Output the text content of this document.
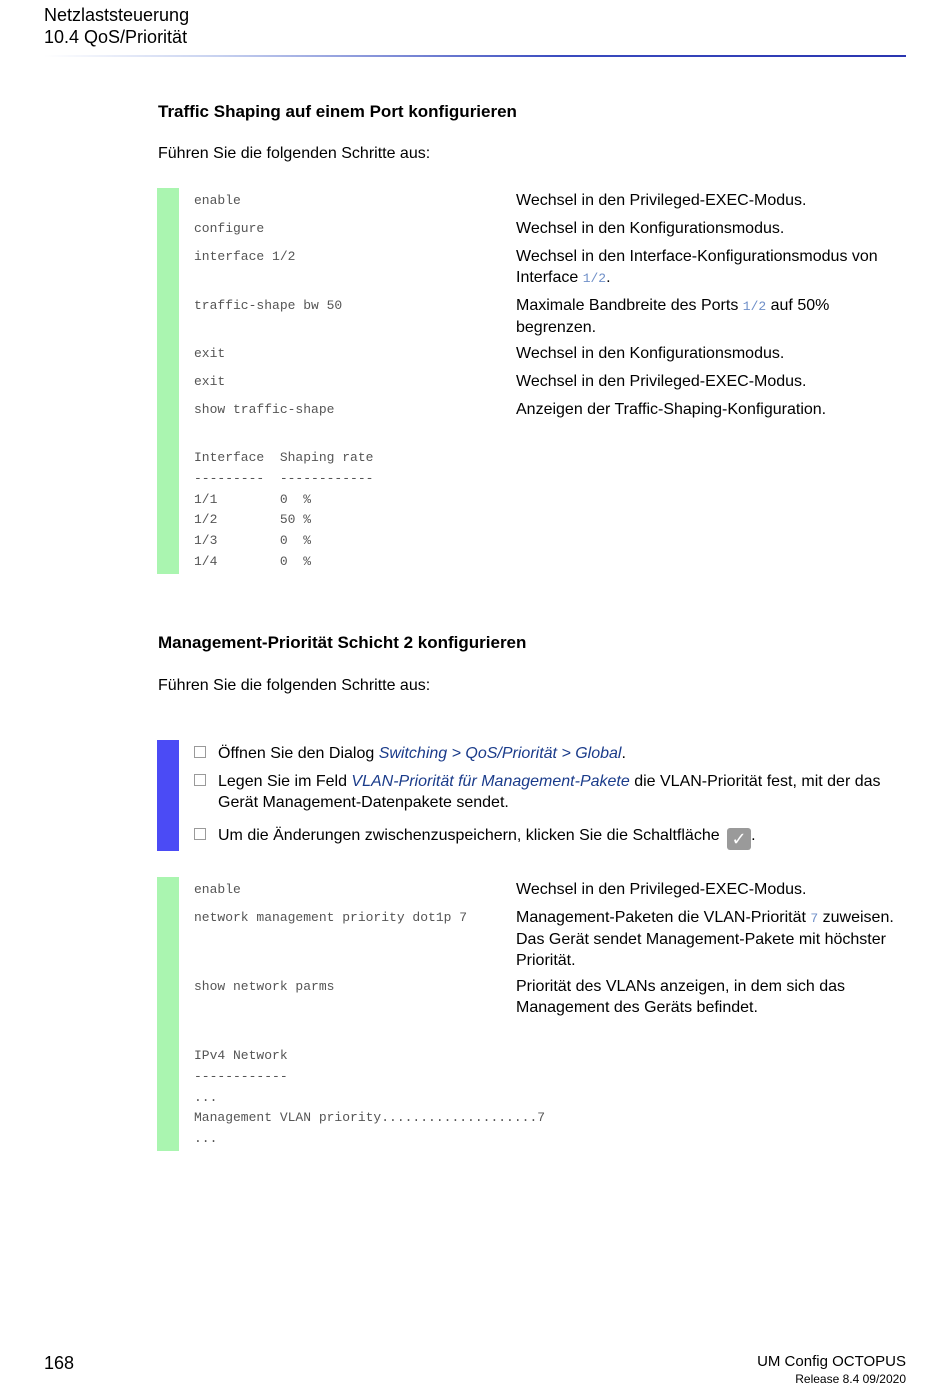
Netzlaststeuerung
10.4 QoS/Priorität
Traffic Shaping auf einem Port konfigurieren
Führen Sie die folgenden Schritte aus:
enable	Wechsel in den Privileged-EXEC-Modus.
configure	Wechsel in den Konfigurationsmodus.
interface 1/2	Wechsel in den Interface-Konfigurationsmodus von Interface 1/2.
traffic-shape bw 50	Maximale Bandbreite des Ports 1/2 auf 50% begrenzen.
exit	Wechsel in den Konfigurationsmodus.
exit	Wechsel in den Privileged-EXEC-Modus.
show traffic-shape	Anzeigen der Traffic-Shaping-Konfiguration.
Interface  Shaping rate
---------  ------------
1/1        0  %
1/2        50 %
1/3        0  %
1/4        0  %
Management-Priorität Schicht 2 konfigurieren
Führen Sie die folgenden Schritte aus:
Öffnen Sie den Dialog Switching > QoS/Priorität > Global.
Legen Sie im Feld VLAN-Priorität für Management-Pakete die VLAN-Priorität fest, mit der das Gerät Management-Datenpakete sendet.
Um die Änderungen zwischenzuspeichern, klicken Sie die Schaltfläche ✓ .
enable	Wechsel in den Privileged-EXEC-Modus.
network management priority dot1p 7	Management-Paketen die VLAN-Priorität 7 zuweisen. Das Gerät sendet Management-Pakete mit höchster Priorität.
show network parms	Priorität des VLANs anzeigen, in dem sich das Management des Geräts befindet.
IPv4 Network
------------
...
Management VLAN priority....................7
...
168	UM Config OCTOPUS
Release 8.4 09/2020
